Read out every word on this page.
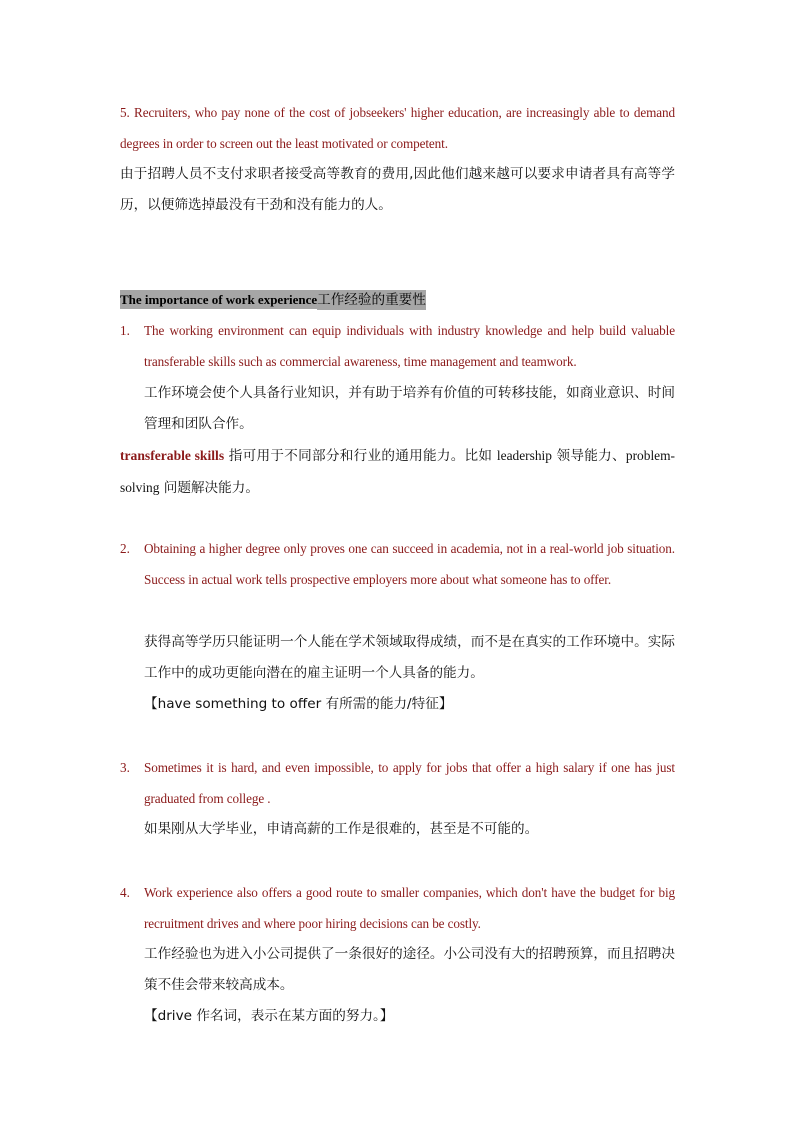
5. Recruiters, who pay none of the cost of jobseekers' higher education, are increasingly able to demand degrees in order to screen out the least motivated or competent.
由于招聘人员不支付求职者接受高等教育的费用,因此他们越来越可以要求申请者具有高等学历，以便筛选掉最没有干劲和没有能力的人。
The importance of work experience工作经验的重要性
1. The working environment can equip individuals with industry knowledge and help build valuable transferable skills such as commercial awareness, time management and teamwork.
工作环境会使个人具备行业知识，并有助于培养有价值的可转移技能，如商业意识、时间管理和团队合作。
transferable skills 指可用于不同部分和行业的通用能力。比如 leadership 领导能力、problem-solving 问题解决能力。
2. Obtaining a higher degree only proves one can succeed in academia, not in a real-world job situation. Success in actual work tells prospective employers more about what someone has to offer.
获得高等学历只能证明一个人能在学术领域取得成绩，而不是在真实的工作环境中。实际工作中的成功更能向潜在的雇主证明一个人具备的能力。
【have something to offer 有所需的能力/特征】
3. Sometimes it is hard, and even impossible, to apply for jobs that offer a high salary if one has just graduated from college .
如果刚从大学毕业，申请高薪的工作是很难的，甚至是不可能的。
4. Work experience also offers a good route to smaller companies, which don't have the budget for big recruitment drives and where poor hiring decisions can be costly.
工作经验也为进入小公司提供了一条很好的途径。小公司没有大的招聘预算，而且招聘决策不佳会带来较高成本。
【drive 作名词，表示在某方面的努力。】
